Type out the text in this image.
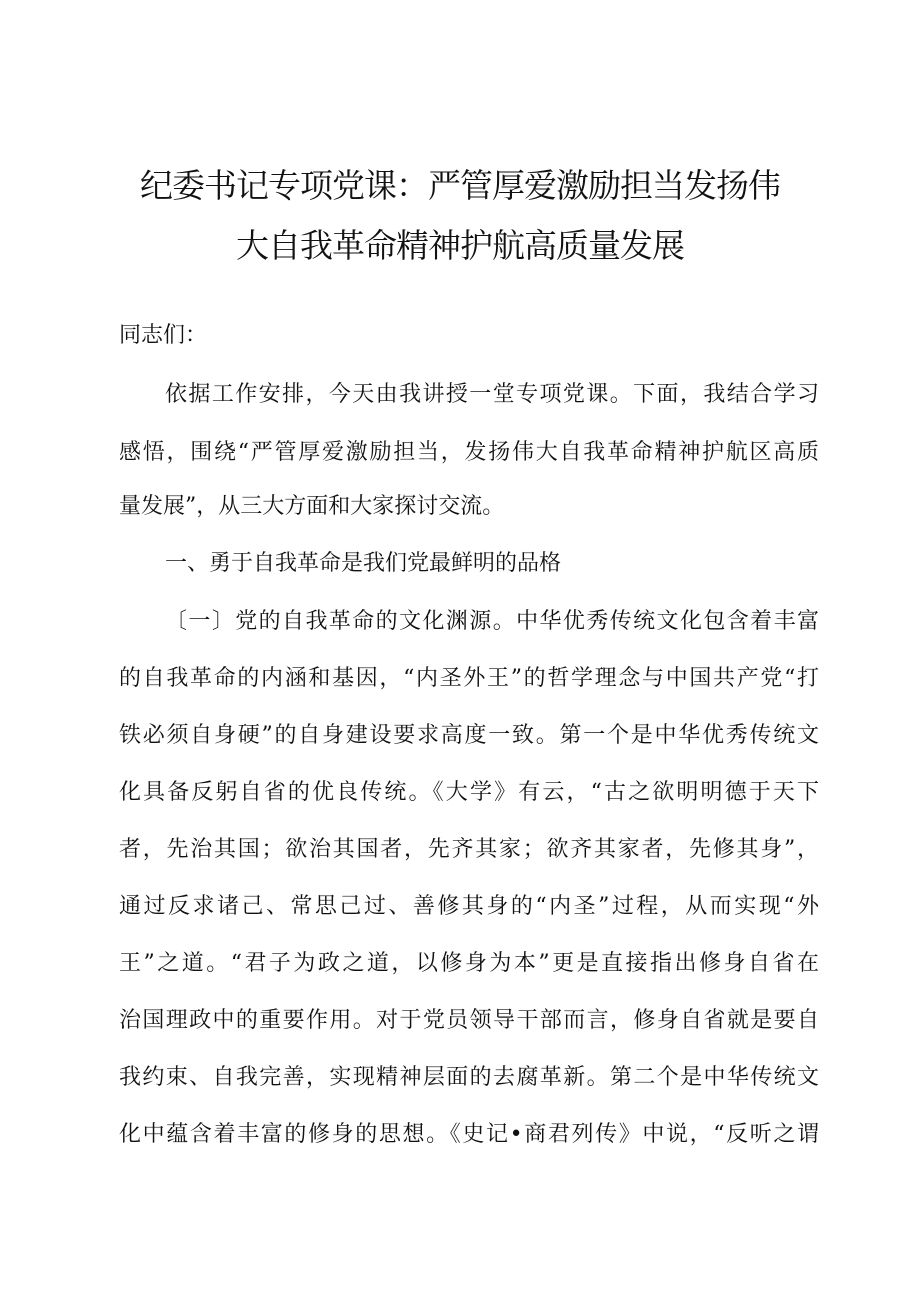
纪委书记专项党课：严管厚爱激励担当发扬伟
大自我革命精神护航高质量发展
同志们：
依据工作安排，今天由我讲授一堂专项党课。下面，我结合学习
感悟，围绕“严管厚爱激励担当，发扬伟大自我革命精神护航区高质
量发展”，从三大方面和大家探讨交流。
一、勇于自我革命是我们党最鲜明的品格
〔一〕党的自我革命的文化渊源。中华优秀传统文化包含着丰富
的自我革命的内涵和基因，“内圣外王”的哲学理念与中国共产党“打
铁必须自身硬”的自身建设要求高度一致。第一个是中华优秀传统文
化具备反躬自省的优良传统。《大学》有云，“古之欲明明德于天下
者，先治其国；欲治其国者，先齐其家；欲齐其家者，先修其身”，
通过反求诸己、常思己过、善修其身的“内圣”过程，从而实现“外
王”之道。“君子为政之道，以修身为本”更是直接指出修身自省在
治国理政中的重要作用。对于党员领导干部而言，修身自省就是要自
我约束、自我完善，实现精神层面的去腐革新。第二个是中华传统文
化中蕴含着丰富的修身的思想。《史记•商君列传》中说，“反听之谓
